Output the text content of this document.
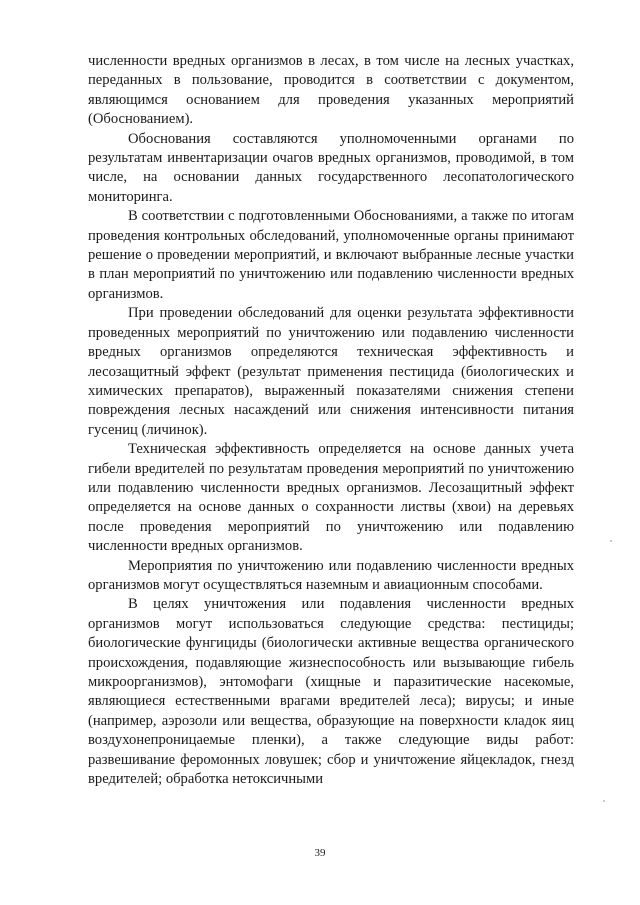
численности вредных организмов в лесах, в том числе на лесных участках, переданных в пользование, проводится в соответствии с документом, являющимся основанием для проведения указанных мероприятий (Обоснованием).

Обоснования составляются уполномоченными органами по результатам инвентаризации очагов вредных организмов, проводимой, в том числе, на основании данных государственного лесопатологического мониторинга.

В соответствии с подготовленными Обоснованиями, а также по итогам проведения контрольных обследований, уполномоченные органы принимают решение о проведении мероприятий, и включают выбранные лесные участки в план мероприятий по уничтожению или подавлению численности вредных организмов.

При проведении обследований для оценки результата эффективности проведенных мероприятий по уничтожению или подавлению численности вредных организмов определяются техническая эффективность и лесозащитный эффект (результат применения пестицида (биологических и химических препаратов), выраженный показателями снижения степени повреждения лесных насаждений или снижения интенсивности питания гусениц (личинок).

Техническая эффективность определяется на основе данных учета гибели вредителей по результатам проведения мероприятий по уничтожению или подавлению численности вредных организмов. Лесозащитный эффект определяется на основе данных о сохранности листвы (хвои) на деревьях после проведения мероприятий по уничтожению или подавлению численности вредных организмов.

Мероприятия по уничтожению или подавлению численности вредных организмов могут осуществляться наземным и авиационным способами.

В целях уничтожения или подавления численности вредных организмов могут использоваться следующие средства: пестициды; биологические фунгициды (биологически активные вещества органического происхождения, подавляющие жизнеспособность или вызывающие гибель микроорганизмов), энтомофаги (хищные и паразитические насекомые, являющиеся естественными врагами вредителей леса); вирусы; и иные (например, аэрозоли или вещества, образующие на поверхности кладок яиц воздухонепроницаемые пленки), а также следующие виды работ: развешивание феромонных ловушек; сбор и уничтожение яйцекладок, гнезд вредителей; обработка нетоксичными

39
